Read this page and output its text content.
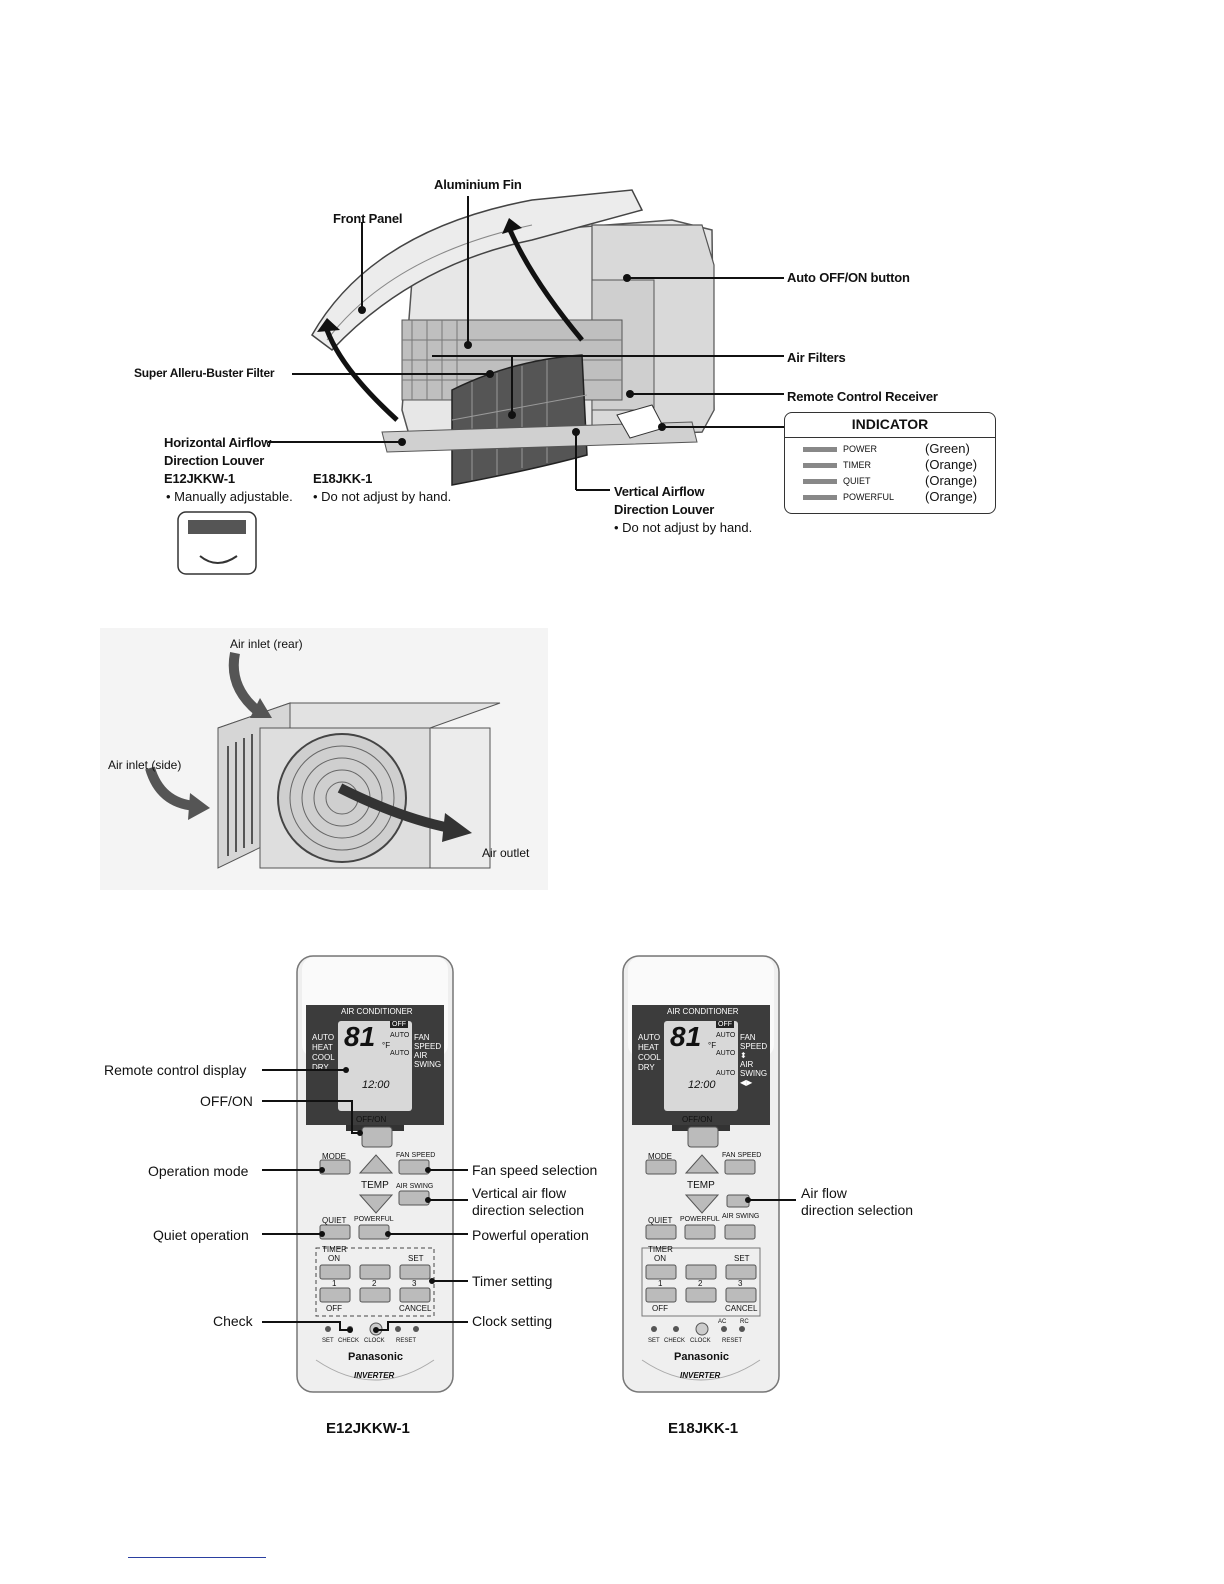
Aluminium Fin
Front Panel
Auto OFF/ON button
Air Filters
Super Alleru-Buster Filter
Remote Control Receiver
Horizontal Airflow
Direction Louver
E12JKKW-1
• Manually adjustable.
E18JKK-1
• Do not adjust by hand.	Vertical Airflow
Direction Louver
• Do not adjust by hand.
INDICATOR
POWER	(Green)
TIMER	(Orange)
QUIET	(Orange)
POWERFUL (Orange)
Air inlet (rear)
Air inlet (side)
Air outlet
AIR CONDITIONER
AUTO
HEAT
COOL
DRY
81 °F
OFF
AUTO
AUTO
FAN
SPEED
AIR
SWING
12:00
OFF/ON
MODE	FAN SPEED
TEMP AIR SWING
QUIET POWERFUL
TIMER
ON	SET
1	2	3
OFF	CANCEL
SET CHECK CLOCK RESET
Panasonic
INVERTER
AIR CONDITIONER
AUTO
HEAT
COOL
DRY
81 °F
OFF
AUTO
AUTO
AUTO
FAN
SPEED
⬍
AIR
SWING
◀▶
12:00
OFF/ON
MODE	FAN SPEED
TEMP
AIR SWING
QUIET POWERFUL
TIMER
ON	SET
1	2	3
OFF	CANCEL
AC RC
SET CHECK CLOCK RESET
Panasonic
INVERTER
Remote control display
OFF/ON
Operation mode
Quiet operation
Check
Fan speed selection
Vertical air flow
direction selection
Powerful operation
Timer setting
Clock setting
Air flow
direction selection
E12JKKW-1	E18JKK-1
